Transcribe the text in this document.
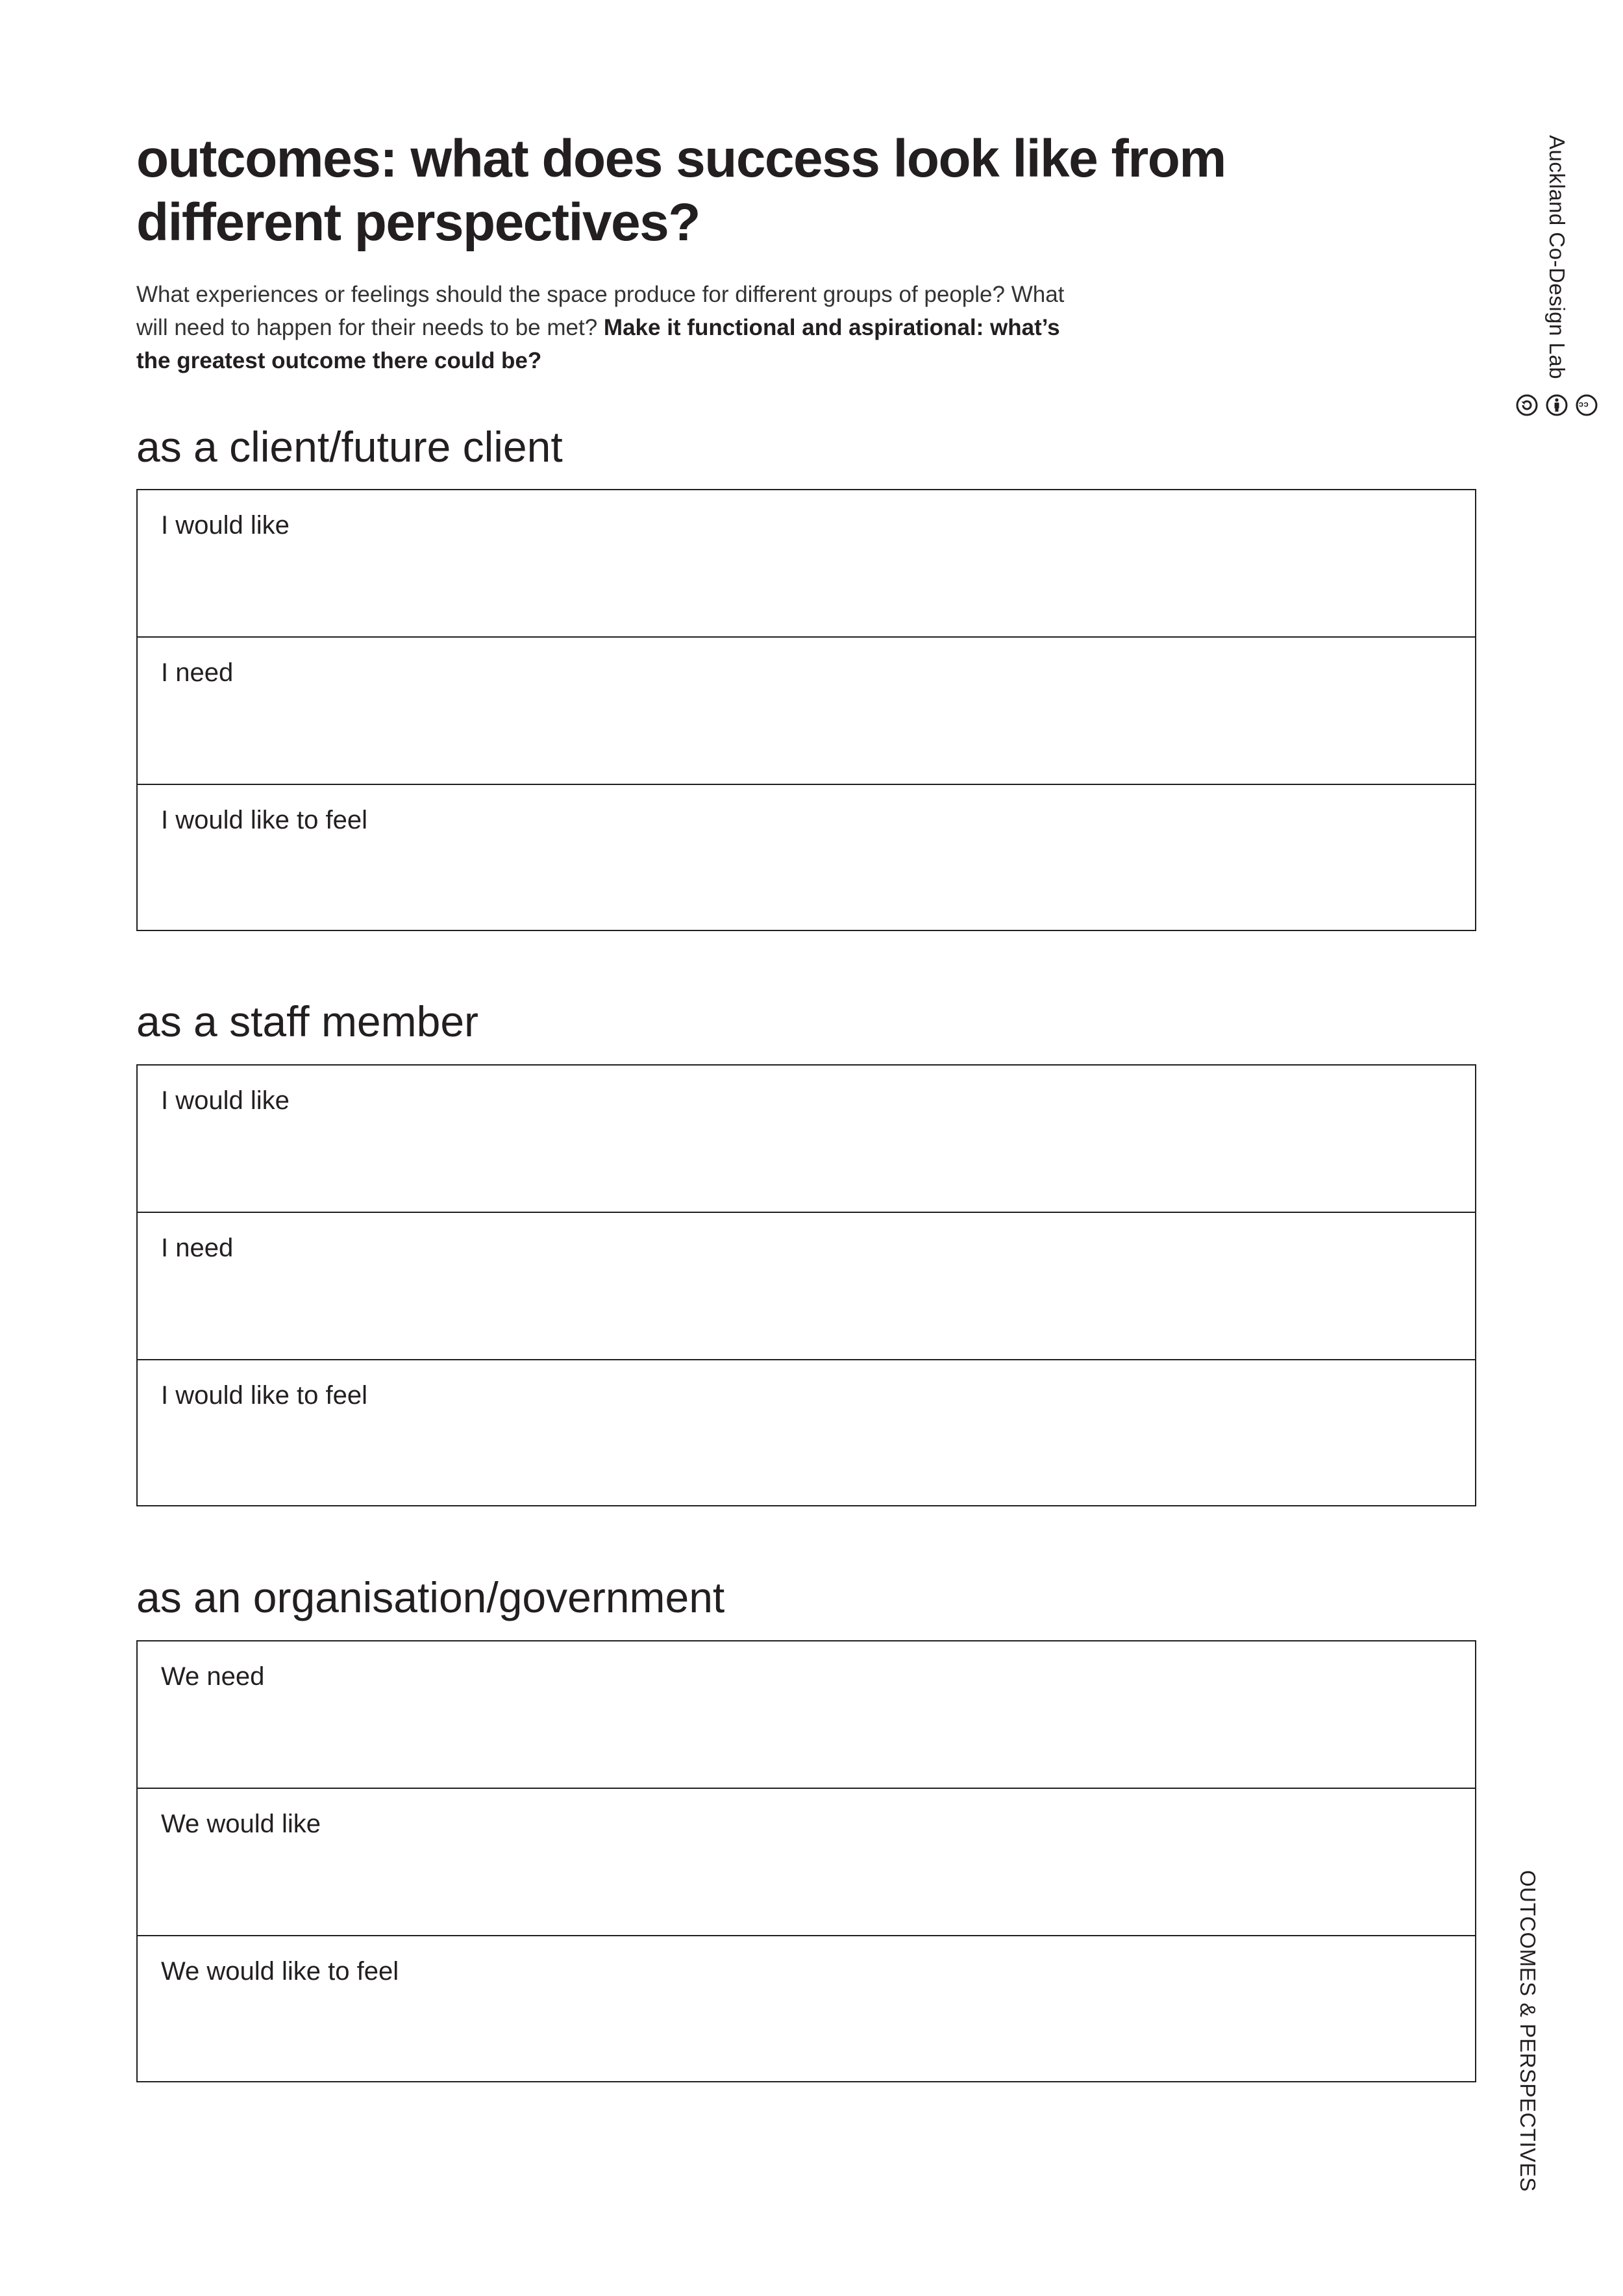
outcomes: what does success look like from different perspectives?

What experiences or feelings should the space produce for different groups of people? What will need to happen for their needs to be met? Make it functional and aspirational: what’s the greatest outcome there could be?

as a client/future client
I would like
I need
I would like to feel
as a staff member
I would like
I need
I would like to feel
as an organisation/government
We need
We would like
We would like to feel
Auckland Co-Design Lab
cc
OUTCOMES & PERSPECTIVES
